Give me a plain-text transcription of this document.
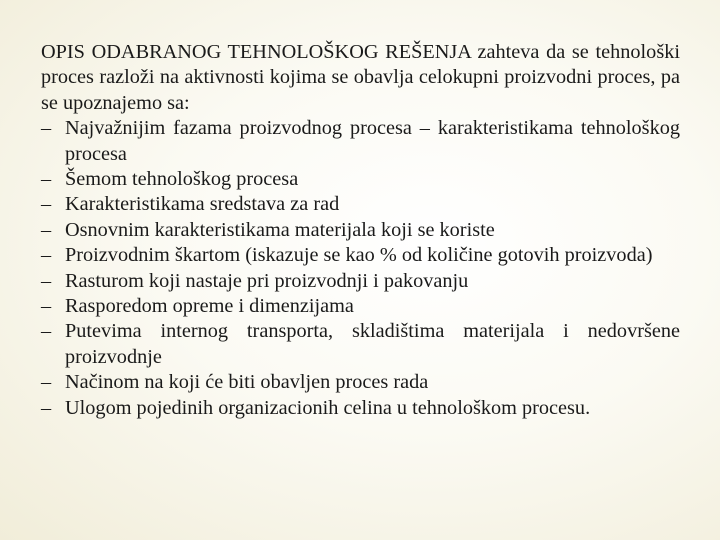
OPIS ODABRANOG TEHNOLOŠKOG REŠENJA zahteva da se tehnološki proces razloži na aktivnosti kojima se obavlja celokupni proizvodni proces, pa se upoznajemo sa:

– Najvažnijim fazama proizvodnog procesa – karakteristikama tehnološkog procesa
– Šemom tehnološkog procesa
– Karakteristikama sredstava za rad
– Osnovnim karakteristikama materijala koji se koriste
– Proizvodnim škartom (iskazuje se kao % od količine gotovih proizvoda)
– Rasturom koji nastaje pri proizvodnji i pakovanju
– Rasporedom opreme i dimenzijama
– Putevima internog transporta, skladištima materijala i nedovršene proizvodnje
– Načinom na koji će biti obavljen proces rada
– Ulogom pojedinih organizacionih celina u tehnološkom procesu.
